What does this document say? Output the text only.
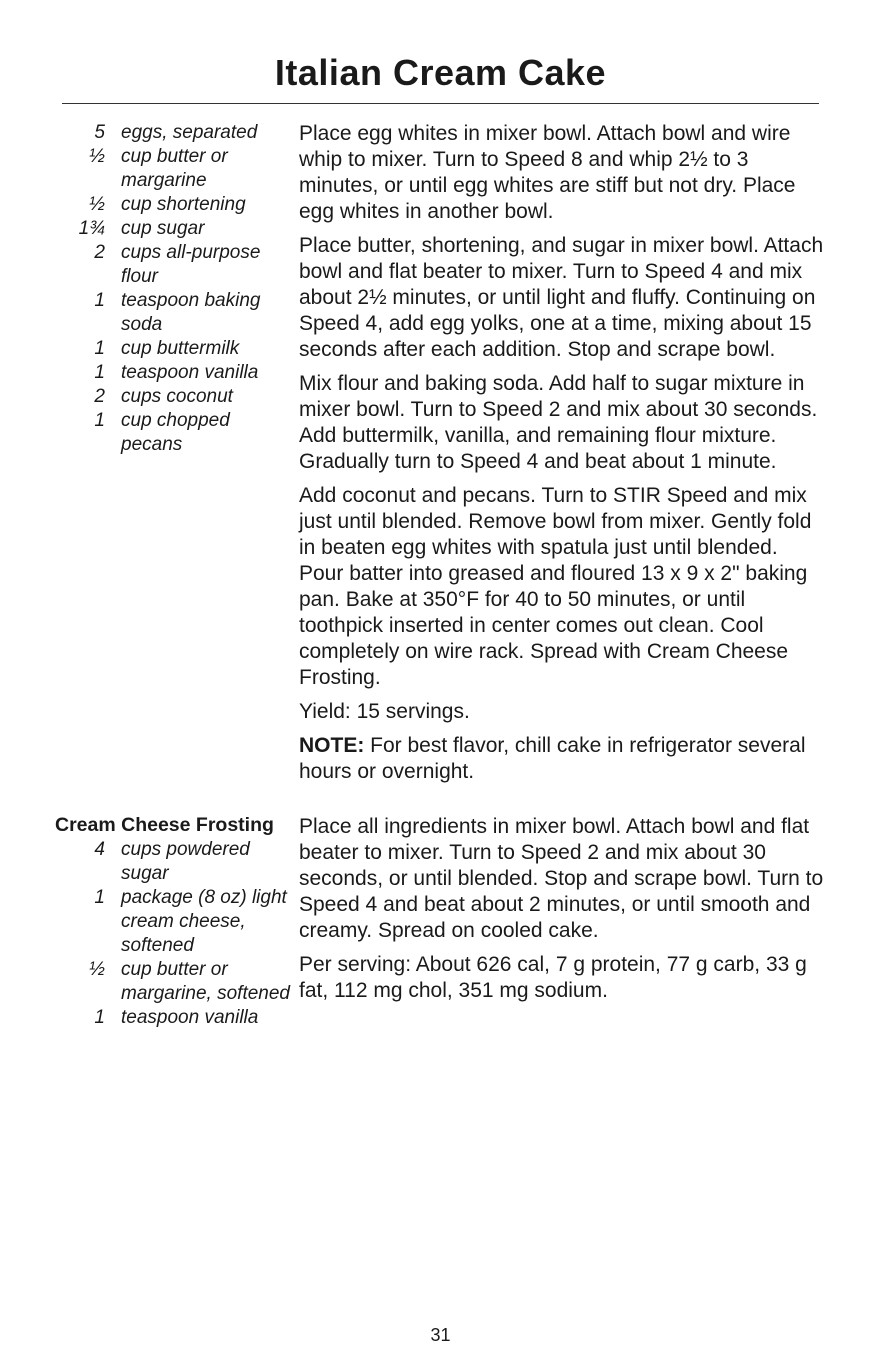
Italian Cream Cake
5 eggs, separated
½ cup butter or margarine
½ cup shortening
1¾ cup sugar
2 cups all-purpose flour
1 teaspoon baking soda
1 cup buttermilk
1 teaspoon vanilla
2 cups coconut
1 cup chopped pecans

Place egg whites in mixer bowl. Attach bowl and wire whip to mixer. Turn to Speed 8 and whip 2½ to 3 minutes, or until egg whites are stiff but not dry. Place egg whites in another bowl.

Place butter, shortening, and sugar in mixer bowl. Attach bowl and flat beater to mixer. Turn to Speed 4 and mix about 2½ minutes, or until light and fluffy. Continuing on Speed 4, add egg yolks, one at a time, mixing about 15 seconds after each addition. Stop and scrape bowl.

Mix flour and baking soda. Add half to sugar mixture in mixer bowl. Turn to Speed 2 and mix about 30 seconds. Add buttermilk, vanilla, and remaining flour mixture. Gradually turn to Speed 4 and beat about 1 minute.

Add coconut and pecans. Turn to STIR Speed and mix just until blended. Remove bowl from mixer. Gently fold in beaten egg whites with spatula just until blended. Pour batter into greased and floured 13 x 9 x 2" baking pan. Bake at 350°F for 40 to 50 minutes, or until toothpick inserted in center comes out clean. Cool completely on wire rack. Spread with Cream Cheese Frosting.

Yield: 15 servings.

NOTE: For best flavor, chill cake in refrigerator several hours or overnight.

Cream Cheese Frosting
4 cups powdered sugar
1 package (8 oz) light cream cheese, softened
½ cup butter or margarine, softened
1 teaspoon vanilla

Place all ingredients in mixer bowl. Attach bowl and flat beater to mixer. Turn to Speed 2 and mix about 30 seconds, or until blended. Stop and scrape bowl. Turn to Speed 4 and beat about 2 minutes, or until smooth and creamy. Spread on cooled cake.

Per serving: About 626 cal, 7 g protein, 77 g carb, 33 g fat, 112 mg chol, 351 mg sodium.

31
